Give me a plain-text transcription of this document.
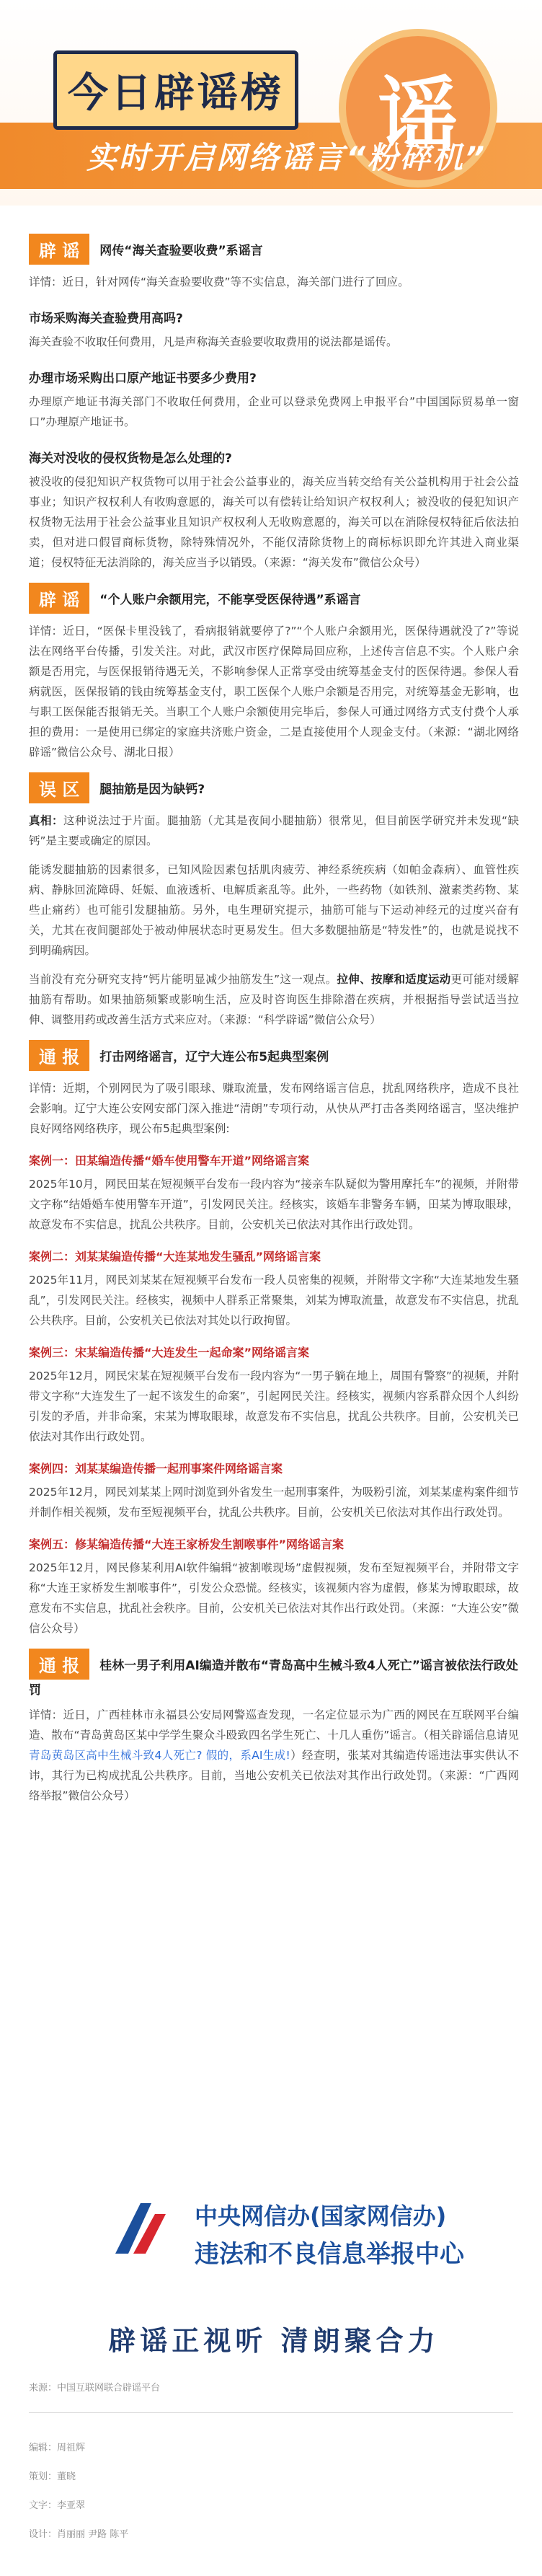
今日辟谣榜 谣
实时开启网络谣言“粉碎机”
辟 谣 网传“海关查验要收费”系谣言
详情：近日，针对网传“海关查验要收费”等不实信息，海关部门进行了回应。
市场采购海关查验费用高吗?
海关查验不收取任何费用，凡是声称海关查验要收取费用的说法都是谣传。
办理市场采购出口原产地证书要多少费用?
办理原产地证书海关部门不收取任何费用，企业可以登录免费网上申报平台”中国国际贸易单一窗口”办理原产地证书。
海关对没收的侵权货物是怎么处理的?
被没收的侵犯知识产权货物可以用于社会公益事业的，海关应当转交给有关公益机构用于社会公益事业；知识产权权利人有收购意愿的，海关可以有偿转让给知识产权权利人；被没收的侵犯知识产权货物无法用于社会公益事业且知识产权权利人无收购意愿的，海关可以在消除侵权特征后依法拍卖，但对进口假冒商标货物，除特殊情况外，不能仅清除货物上的商标标识即允许其进入商业渠道；侵权特征无法消除的，海关应当予以销毁。（来源：“海关发布”微信公众号）
辟 谣 “个人账户余额用完，不能享受医保待遇”系谣言
详情：近日，“医保卡里没钱了，看病报销就要停了?”“个人账户余额用光，医保待遇就没了?”等说法在网络平台传播，引发关注。对此，武汉市医疗保障局回应称，上述传言信息不实。个人账户余额是否用完，与医保报销待遇无关，不影响参保人正常享受由统筹基金支付的医保待遇。参保人看病就医，医保报销的钱由统筹基金支付，职工医保个人账户余额是否用完，对统筹基金无影响，也与职工医保能否报销无关。当职工个人账户余额使用完毕后，参保人可通过网络方式支付费个人承担的费用：一是使用已绑定的家庭共济账户资金，二是直接使用个人现金支付。（来源：“湖北网络辟谣”微信公众号、湖北日报）
误 区 腿抽筋是因为缺钙?
真相：这种说法过于片面。腿抽筋（尤其是夜间小腿抽筋）很常见，但目前医学研究并未发现“缺钙”是主要或确定的原因。
能诱发腿抽筋的因素很多，已知风险因素包括肌肉疲劳、神经系统疾病（如帕金森病）、血管性疾病、静脉回流障碍、妊娠、血液透析、电解质紊乱等。此外，一些药物（如铁剂、激素类药物、某些止痛药）也可能引发腿抽筋。另外，电生理研究提示，抽筋可能与下运动神经元的过度兴奋有关，尤其在夜间腿部处于被动伸展状态时更易发生。但大多数腿抽筋是“特发性”的，也就是说找不到明确病因。
当前没有充分研究支持“钙片能明显减少抽筋发生”这一观点。拉伸、按摩和适度运动更可能对缓解抽筋有帮助。如果抽筋频繁或影响生活，应及时咨询医生排除潜在疾病，并根据指导尝试适当拉伸、调整用药或改善生活方式来应对。（来源：“科学辟谣”微信公众号）
通 报 打击网络谣言，辽宁大连公布5起典型案例
详情：近期，个别网民为了吸引眼球、赚取流量，发布网络谣言信息，扰乱网络秩序，造成不良社会影响。辽宁大连公安网安部门深入推进“清朗”专项行动，从快从严打击各类网络谣言，坚决维护良好网络网络秩序，现公布5起典型案例:
案例一：田某编造传播“婚车使用警车开道”网络谣言案
2025年10月，网民田某在短视频平台发布一段内容为“接亲车队疑似为警用摩托车”的视频，并附带文字称“结婚婚车使用警车开道”，引发网民关注。经核实，该婚车非警务车辆，田某为博取眼球，故意发布不实信息，扰乱公共秩序。目前，公安机关已依法对其作出行政处罚。
案例二：刘某某编造传播“大连某地发生骚乱”网络谣言案
2025年11月，网民刘某某在短视频平台发布一段人员密集的视频，并附带文字称“大连某地发生骚乱”，引发网民关注。经核实，视频中人群系正常聚集，刘某为博取流量，故意发布不实信息，扰乱公共秩序。目前，公安机关已依法对其处以行政拘留。
案例三：宋某编造传播“大连发生一起命案”网络谣言案
2025年12月，网民宋某在短视频平台发布一段内容为“一男子躺在地上，周围有警察”的视频，并附带文字称“大连发生了一起不该发生的命案”，引起网民关注。经核实，视频内容系群众因个人纠纷引发的矛盾，并非命案，宋某为博取眼球，故意发布不实信息，扰乱公共秩序。目前，公安机关已依法对其作出行政处罚。
案例四：刘某某编造传播一起刑事案件网络谣言案
2025年12月，网民刘某某上网时浏览到外省发生一起刑事案件，为吸粉引流，刘某某虚构案件细节并制作相关视频，发布至短视频平台，扰乱公共秩序。目前，公安机关已依法对其作出行政处罚。
案例五：修某编造传播“大连王家桥发生割喉事件”网络谣言案
2025年12月，网民修某利用AI软件编辑“被割喉现场”虚假视频，发布至短视频平台，并附带文字称“大连王家桥发生割喉事件”，引发公众恐慌。经核实，该视频内容为虚假，修某为博取眼球，故意发布不实信息，扰乱社会秩序。目前，公安机关已依法对其作出行政处罚。（来源：“大连公安”微信公众号）
通 报 桂林一男子利用AI编造并散布“青岛高中生械斗致4人死亡”谣言被依法行政处罚
详情：近日，广西桂林市永福县公安局网警巡查发现，一名定位显示为广西的网民在互联网平台编造、散布“青岛黄岛区某中学学生聚众斗殴致四名学生死亡、十几人重伤”谣言。（相关辟谣信息请见青岛黄岛区高中生械斗致4人死亡? 假的，系AI生成!）经查明，张某对其编造传谣违法事实供认不讳，其行为已构成扰乱公共秩序。目前，当地公安机关已依法对其作出行政处罚。（来源：“广西网络举报”微信公众号）
中央网信办(国家网信办)
违法和不良信息举报中心
辟谣正视听 清朗聚合力
来源：中国互联网联合辟谣平台
编辑：周祖辉
策划：董晓
文字：李亚翠
设计：肖丽丽 尹路 陈平
